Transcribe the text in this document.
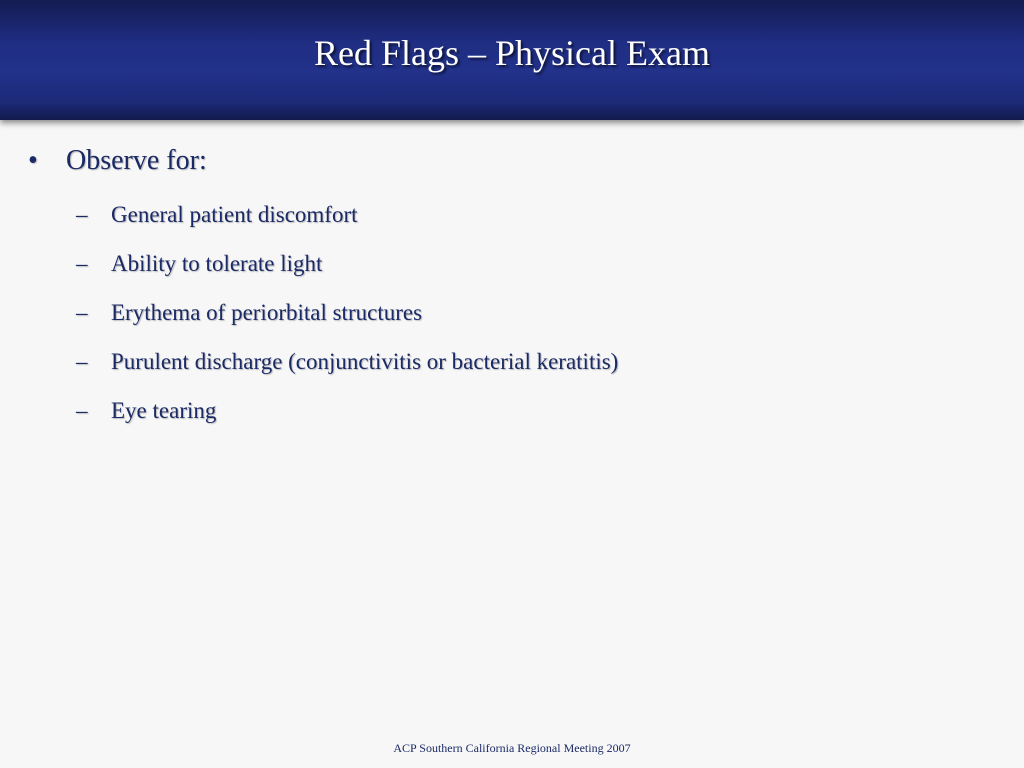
Red Flags – Physical Exam
• Observe for:
– General patient discomfort
– Ability to tolerate light
– Erythema of periorbital structures
– Purulent discharge (conjunctivitis or bacterial keratitis)
– Eye tearing
ACP Southern California Regional Meeting 2007
